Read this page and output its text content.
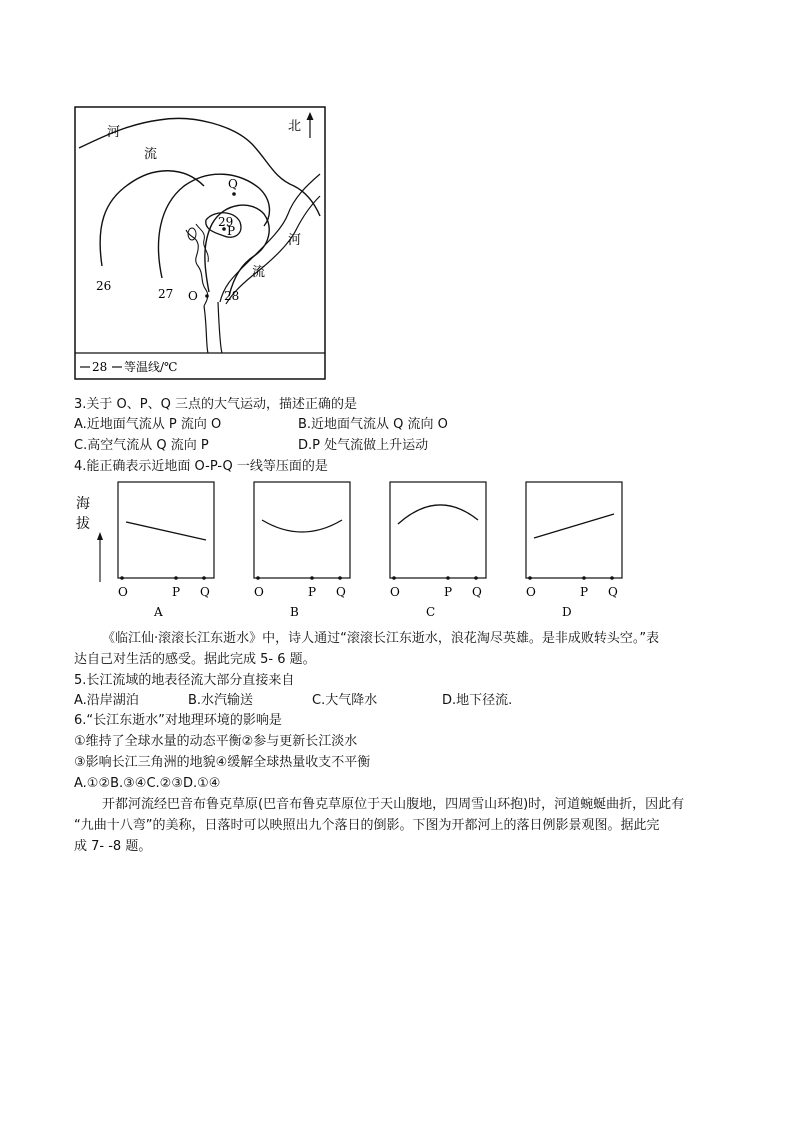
28 等温线/℃
北
河
流
河
流
26
27	28
29
O
P
Q
3.关于 O、P、Q 三点的大气运动，描述正确的是
A.近地面气流从 P 流向 O	B.近地面气流从 Q 流向 O
C.高空气流从 Q 流向 P	D.P 处气流做上升运动
4.能正确表示近地面 O-P-Q 一线等压面的是
海
拔
O	P Q
A
O	P Q
B
O	P Q
C
O	P Q
D
《临江仙·滚滚长江东逝水》中，诗人通过“滚滚长江东逝水，浪花淘尽英雄。是非成败转头空。”表
达自己对生活的感受。据此完成 5- 6 题。
5.长江流域的地表径流大部分直接来自
A.沿岸湖泊	B.水汽输送	C.大气降水	D.地下径流.
6.“长江东逝水”对地理环境的影响是
①维持了全球水量的动态平衡②参与更新长江淡水
③影响长江三角洲的地貌④缓解全球热量收支不平衡
A.①②B.③④C.②③D.①④
开都河流经巴音布鲁克草原(巴音布鲁克草原位于天山腹地，四周雪山环抱)时，河道蜿蜒曲折，因此有
“九曲十八弯”的美称，日落时可以映照出九个落日的倒影。下图为开都河上的落日例影景观图。据此完
成 7- -8 题。
